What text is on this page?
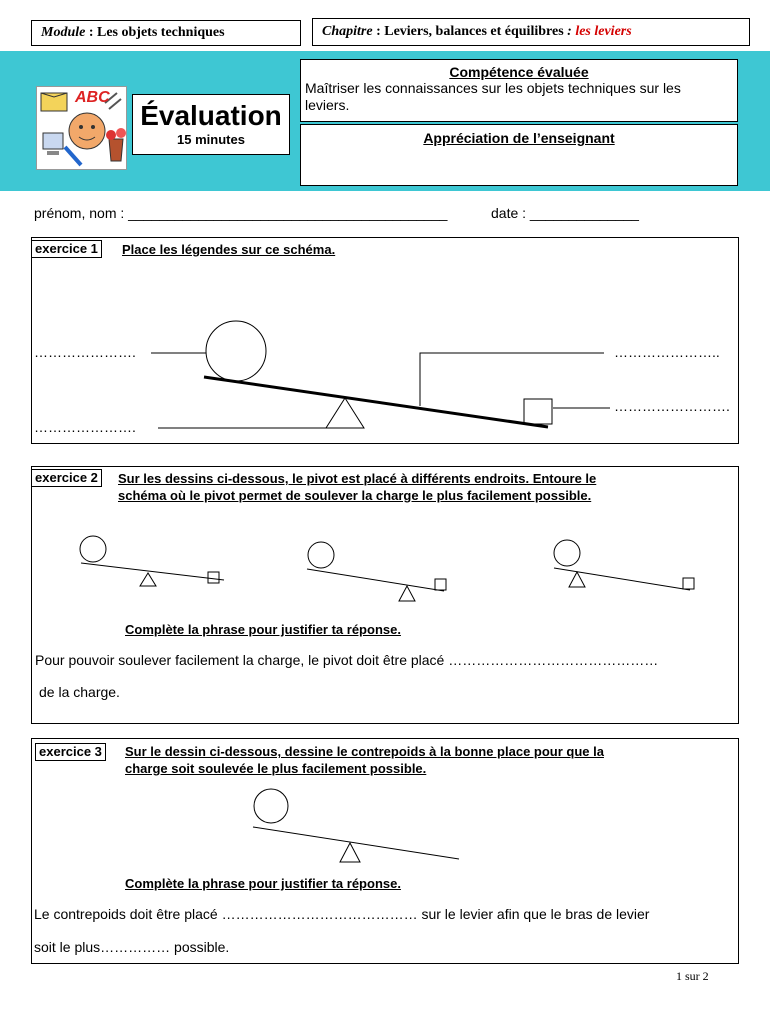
Module : Les objets techniques	Chapitre : Leviers, balances et équilibres : les leviers
ABC
Évaluation
15 minutes
Compétence évaluée
Maîtriser les connaissances sur les objets techniques sur les leviers.
Appréciation de l’enseignant
prénom, nom : _________________________________________	date : ______________
exercice 1	Place les légendes sur ce schéma.
………………….
………………….
…………………..
…………………….
exercice 2	Sur les dessins ci-dessous, le pivot est placé à différents endroits. Entoure le
schéma où le pivot permet de soulever la charge le plus facilement possible.
Complète la phrase pour justifier ta réponse.
Pour pouvoir soulever facilement la charge, le pivot doit être placé ………………………………………
de la charge.
exercice 3	Sur le dessin ci-dessous, dessine le contrepoids à la bonne place pour que la
charge soit soulevée le plus facilement possible.
Complète la phrase pour justifier ta réponse.
Le contrepoids doit être placé …………………………………… sur le levier afin que le bras de levier
soit le plus…………… possible.
1 sur 2
